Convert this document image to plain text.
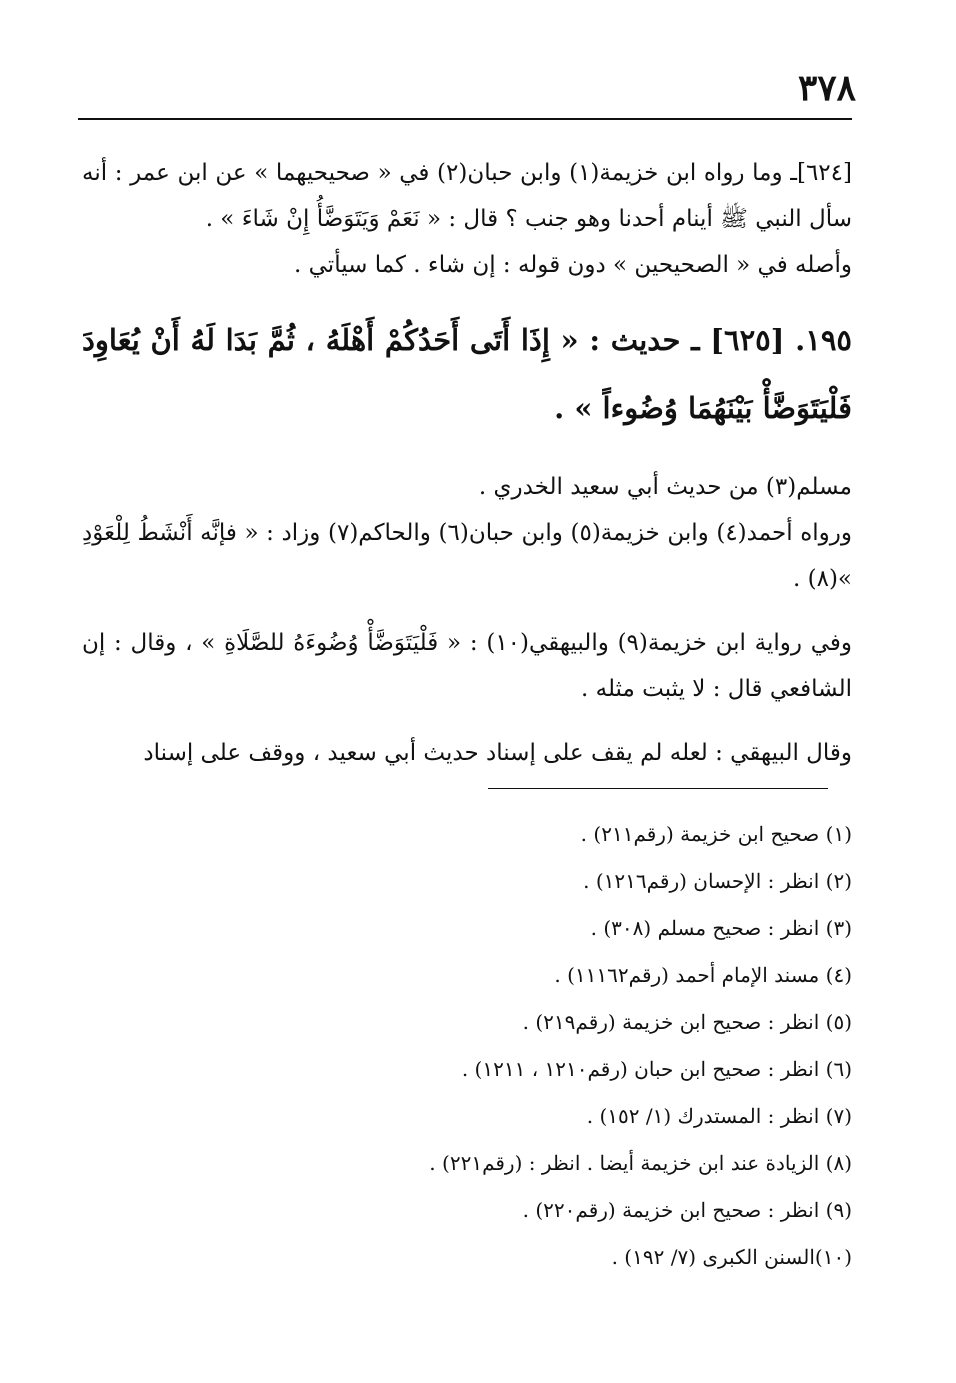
٣٧٨

[٦٢٤]ـ وما رواه ابن خزيمة(١) وابن حبان(٢) في « صحيحيهما » عن ابن عمر : أنه سأل النبي ﷺ أينام أحدنا وهو جنب ؟ قال : « نَعَمْ وَيَتَوَضَّأُ إِنْ شَاءَ » .

وأصله في « الصحيحين » دون قوله : إن شاء . كما سيأتي .

١٩٥. [٦٢٥] ـ حديث : « إِذَا أَتَى أَحَدُكُمْ أَهْلَهُ ، ثُمَّ بَدَا لَهُ أَنْ يُعَاوِدَ فَلْيَتَوَضَّأْ بَيْنَهُمَا وُضُوءاً » .

مسلم(٣) من حديث أبي سعيد الخدري .

ورواه أحمد(٤) وابن خزيمة(٥) وابن حبان(٦) والحاكم(٧) وزاد : « فإنَّه أَنْشَطُ لِلْعَوْدِ »(٨) .

وفي رواية ابن خزيمة(٩) والبيهقي(١٠) : « فَلْيَتَوَضَّأْ وُضُوءَهُ للصَّلَاةِ » ، وقال : إن الشافعي قال : لا يثبت مثله .

وقال البيهقي : لعله لم يقف على إسناد حديث أبي سعيد ، ووقف على إسناد

(١) صحيح ابن خزيمة (رقم٢١١) .
(٢) انظر : الإحسان (رقم١٢١٦) .
(٣) انظر : صحيح مسلم (٣٠٨) .
(٤) مسند الإمام أحمد (رقم١١١٦٢) .
(٥) انظر : صحيح ابن خزيمة (رقم٢١٩) .
(٦) انظر : صحيح ابن حبان (رقم١٢١٠ ، ١٢١١) .
(٧) انظر : المستدرك (١/ ١٥٢) .
(٨) الزيادة عند ابن خزيمة أيضا . انظر : (رقم٢٢١) .
(٩) انظر : صحيح ابن خزيمة (رقم٢٢٠) .
(١٠)السنن الكبرى (٧/ ١٩٢) .
